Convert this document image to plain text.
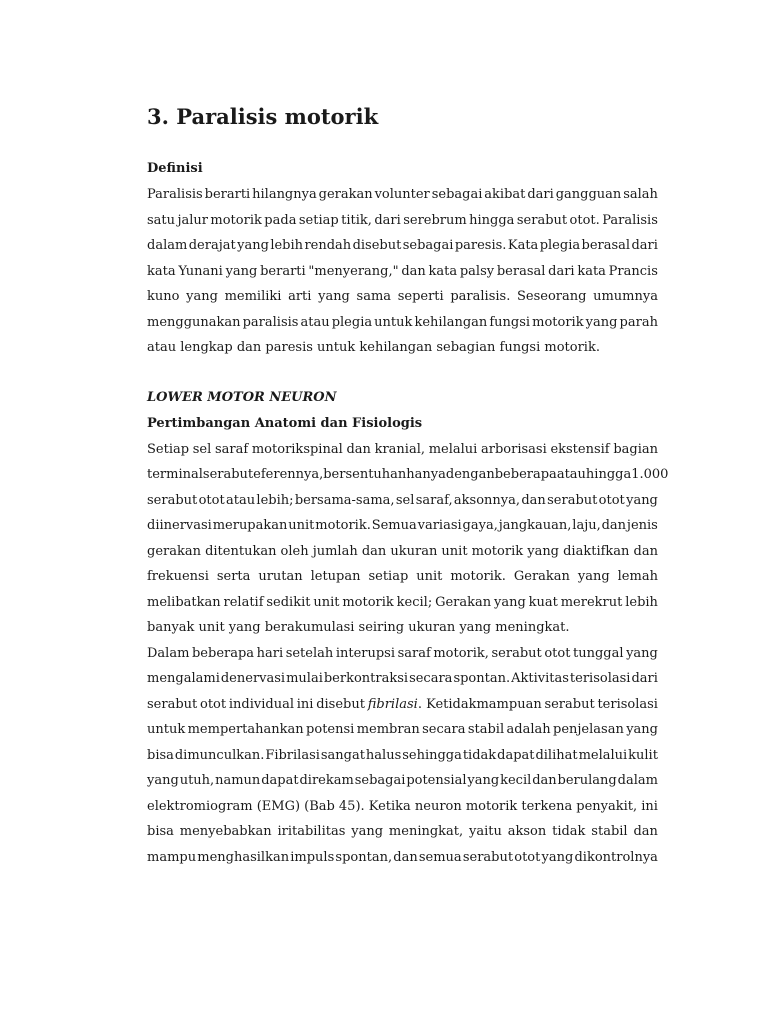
3. Paralisis motorik
Definisi
Paralisis berarti hilangnya gerakan volunter sebagai akibat dari gangguan salah
satu jalur motorik pada setiap titik, dari serebrum hingga serabut otot. Paralisis
dalam derajat yang lebih rendah disebut sebagai paresis. Kata plegia berasal dari
kata Yunani yang berarti "menyerang," dan kata palsy berasal dari kata Prancis
kuno yang memiliki arti yang sama seperti paralisis. Seseorang umumnya
menggunakan paralisis atau plegia untuk kehilangan fungsi motorik yang parah
atau lengkap dan paresis untuk kehilangan sebagian fungsi motorik.
LOWER MOTOR NEURON
Pertimbangan Anatomi dan Fisiologis
Setiap sel saraf motorikspinal dan kranial, melalui arborisasi ekstensif bagian
terminal serabut eferennya, bersentuhan hanya dengan beberapa atau hingga 1.000
serabut otot atau lebih; bersama-sama, sel saraf, aksonnya, dan serabut otot yang
diinervasi merupakan unit motorik. Semua variasi gaya, jangkauan, laju, dan jenis
gerakan ditentukan oleh jumlah dan ukuran unit motorik yang diaktifkan dan
frekuensi serta urutan letupan setiap unit motorik. Gerakan yang lemah
melibatkan relatif sedikit unit motorik kecil; Gerakan yang kuat merekrut lebih
banyak unit yang berakumulasi seiring ukuran yang meningkat.
Dalam beberapa hari setelah interupsi saraf motorik, serabut otot tunggal yang
mengalami denervasi mulai berkontraksi secara spontan. Aktivitas terisolasi dari
serabut otot individual ini disebut fibrilasi. Ketidakmampuan serabut terisolasi
untuk mempertahankan potensi membran secara stabil adalah penjelasan yang
bisa dimunculkan. Fibrilasi sangat halus sehingga tidak dapat dilihat melalui kulit
yang utuh, namun dapat direkam sebagai potensial yang kecil dan berulang dalam
elektromiogram (EMG) (Bab 45). Ketika neuron motorik terkena penyakit, ini
bisa menyebabkan iritabilitas yang meningkat, yaitu akson tidak stabil dan
mampu menghasilkan impuls spontan, dan semua serabut otot yang dikontrolnya
